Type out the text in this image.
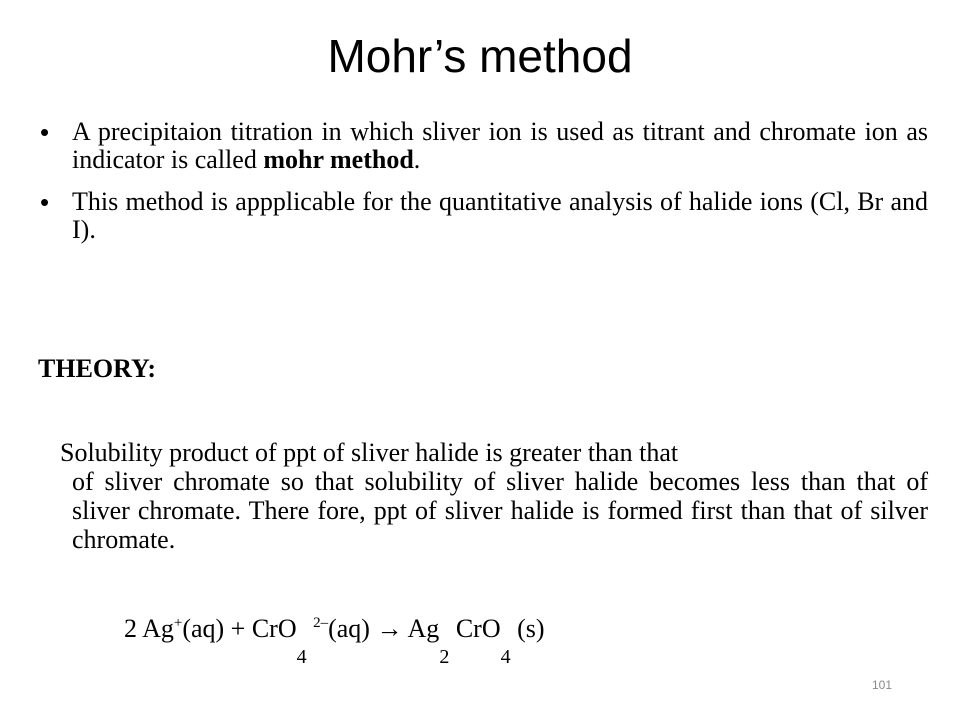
Mohr’s method
• A precipitaion titration in which sliver ion is used as titrant and chromate ion as indicator is called mohr method.
• This method is appplicable for the quantitative analysis of halide ions (Cl, Br and I).
THEORY:
Solubility product of ppt of sliver halide is greater than that
of sliver chromate so that solubility of sliver halide becomes less than that of sliver chromate. There fore, ppt of sliver halide is formed first than that of silver chromate.
2 Ag+(aq) + CrO$_4$ $^{2-}(aq) \to Ag_2$ CrO$_4$ (s)
101
